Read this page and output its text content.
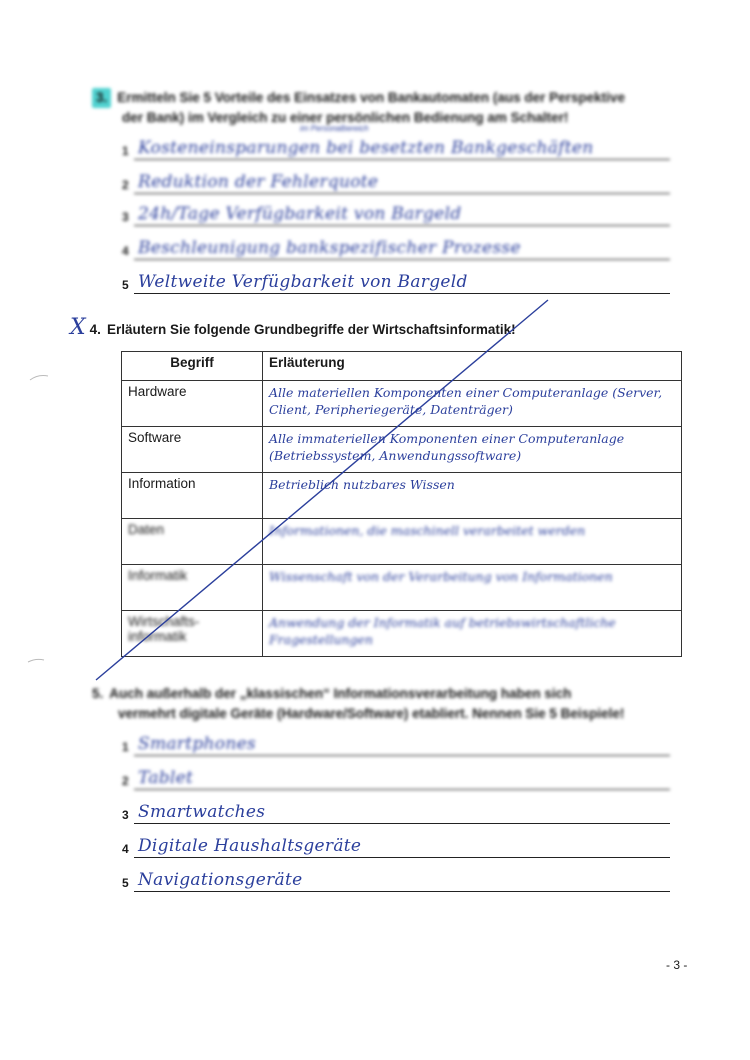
3. Ermitteln Sie 5 Vorteile des Einsatzes von Bankautomaten (aus der Perspektive
der Bank) im Vergleich zu einer persönlichen Bedienung am Schalter!
im Personalbereich
1 Kosteneinsparungen bei besetzten Bankgeschäften
2 Reduktion der Fehlerquote
3 24h/Tage Verfügbarkeit von Bargeld
4 Beschleunigung bankspezifischer Prozesse
5 Weltweite Verfügbarkeit von Bargeld
X 4. Erläutern Sie folgende Grundbegriffe der Wirtschaftsinformatik!
Begriff	Erläuterung
Hardware	Alle materiellen Komponenten einer Computeranlage (Server, Client, Peripheriegeräte, Datenträger)
Software	Alle immateriellen Komponenten einer Computeranlage (Betriebssystem, Anwendungssoftware)
Information	Betrieblich nutzbares Wissen
Daten	Informationen, die maschinell verarbeitet werden
Informatik	Wissenschaft von der Verarbeitung von Informationen
Wirtschafts-informatik	Anwendung der Informatik auf betriebswirtschaftliche Fragestellungen
5. Auch außerhalb der „klassischen“ Informationsverarbeitung haben sich
vermehrt digitale Geräte (Hardware/Software) etabliert. Nennen Sie 5 Beispiele!
1 Smartphones
2 Tablet
3 Smartwatches
4 Digitale Haushaltsgeräte
5 Navigationsgeräte
- 3 -
